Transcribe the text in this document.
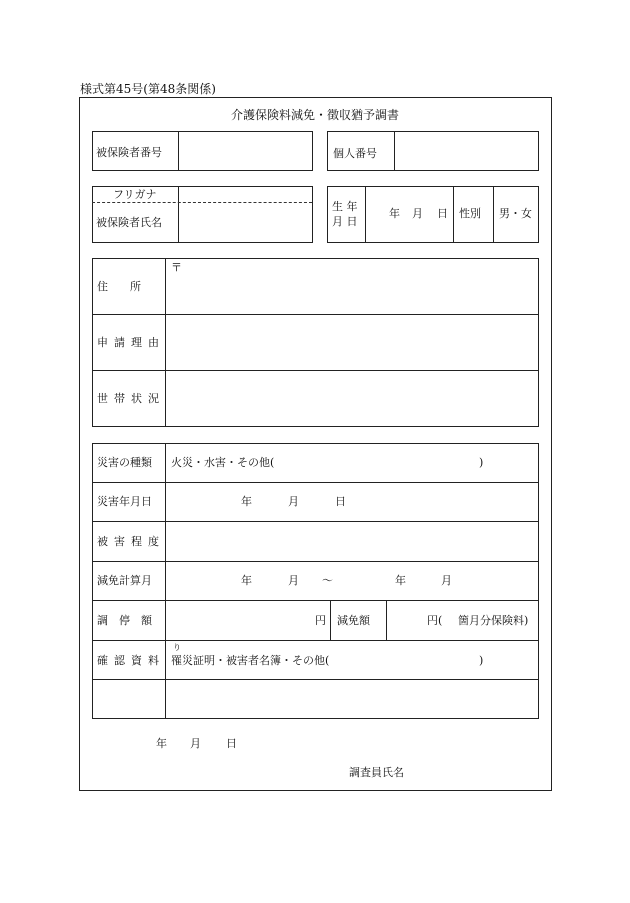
様式第45号(第48条関係)
介護保険料減免・徴収猶予調書
被保険者番号	個人番号
フリガナ
被保険者氏名
生 年
月 日
年 月 日 性別 男・女
〒
住　　所
申請理由
世帯状況
災害の種類 火災・水害・その他(	)
災害年月日	年	月	日
被害程度
減免計算月	年	月 〜	年	月
調　停　額	円 減免額	円( 箇月分保険料)
確認資料
り
罹災証明・被害者名簿・その他(	)
年 月 日
調査員氏名
